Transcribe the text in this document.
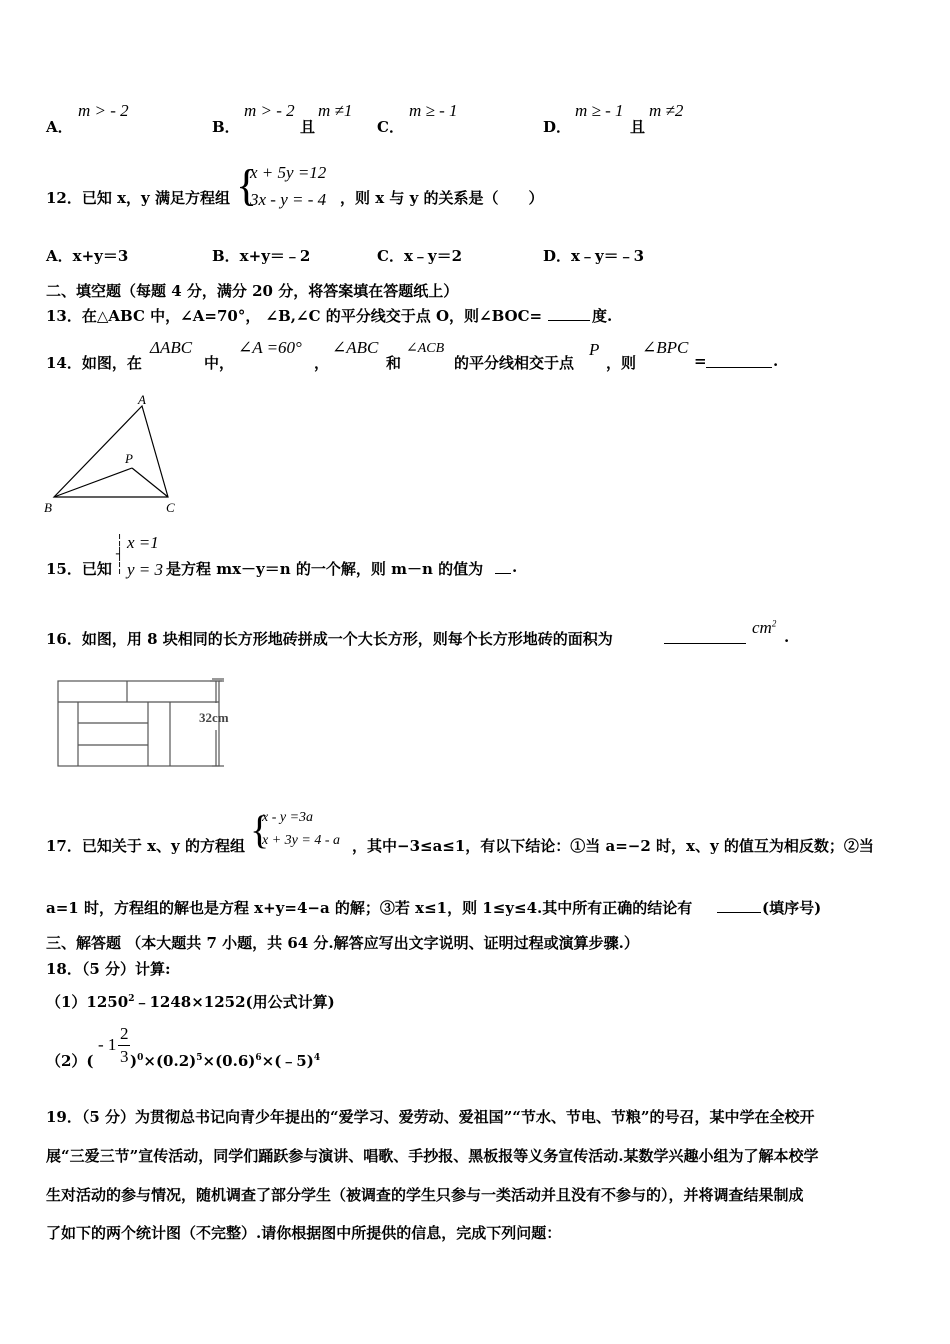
A．
m > - 2
B．
m > - 2
且
m ≠1
C．
m ≥ - 1
D．
m ≥ - 1
且
m ≠2
12．已知 x，y 满足方程组 {
x + 5y =12
3x - y = - 4 ，则 x 与 y 的关系是（　　）
A．x+y＝3	B．x+y＝﹣2	C．x﹣y＝2	D．x﹣y＝﹣3
二、填空题（每题 4 分，满分 20 分，将答案填在答题纸上）
13．在△ABC 中，∠A=70°， ∠B,∠C 的平分线交于点 O，则∠BOC=	度.
14．如图，在
ΔABC
中，
∠A =60°
，
∠ABC
和
∠ACB
的平分线相交于点
P
，则
∠BPC
=	.
A
B	C
P
15．已知
╎
┤
╎
x =1
y = 3 是方程 mx－y＝n 的一个解，则 m－n 的值为 .
16．如图，用 8 块相同的长方形地砖拼成一个大长方形，则每个长方形地砖的面积为
$cm^2$
.
32cm
17．已知关于 x、y 的方程组 {
x - y =3a
x + 3y = 4 - a ，其中−3≤a≤1，有以下结论：①当 a=−2 时，x、y 的值互为相反数；②当
a=1 时，方程组的解也是方程 x+y=4−a 的解；③若 x≤1，则 1≤y≤4.其中所有正确的结论有	(填序号)
三、解答题 （本大题共 7 小题，共 64 分.解答应写出文字说明、证明过程或演算步骤.）
18．（5 分）计算:
$(1)1250^2﹣1248\times 1252$(用公式计算)
（2）(
- 1
2
3 )$^0\times(0.2)^5\times(0.6)^6\times(﹣5)^4$
19．（5 分）为贯彻总书记向青少年提出的“爱学习、爱劳动、爱祖国”“节水、节电、节粮”的号召，某中学在全校开
展“三爱三节”宣传活动，同学们踊跃参与演讲、唱歌、手抄报、黑板报等义务宣传活动.某数学兴趣小组为了解本校学
生对活动的参与情况，随机调查了部分学生（被调查的学生只参与一类活动并且没有不参与的），并将调查结果制成
了如下的两个统计图（不完整）.请你根据图中所提供的信息，完成下列问题：
